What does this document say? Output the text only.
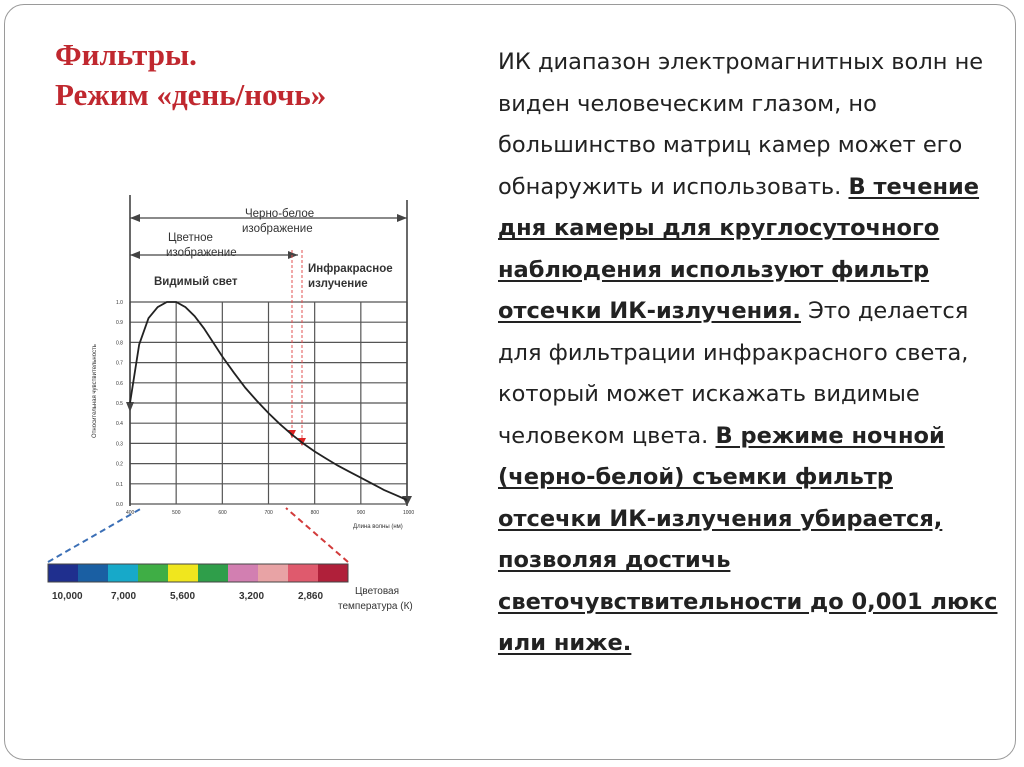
Фильтры.
Режим «день/ночь»
ИК диапазон электромагнитных волн не виден человеческим глазом, но большинство матриц камер может его обнаружить и использовать. В течение дня камеры для круглосуточного наблюдения используют фильтр отсечки ИК-излучения. Это делается для фильтрации инфракрасного света, который может искажать видимые человеком цвета. В режиме ночной (черно-белой) съемки фильтр отсечки ИК-излучения убирается, позволяя достичь светочувствительности до 0,001 люкс или ниже.
Черно-белое изображение
Цветное изображение
Видимый свет
Инфракрасное излучение
0.0
0.1
0.2
0.3
0.4
0.5
0.6
0.7
0.8
0.9
1.0
400	500	600	700	800	900	1000
Длина волны (нм)
Относительная чувствительность
10,000	7,000	5,600	3,200	2,860	Цветовая температура (К)
